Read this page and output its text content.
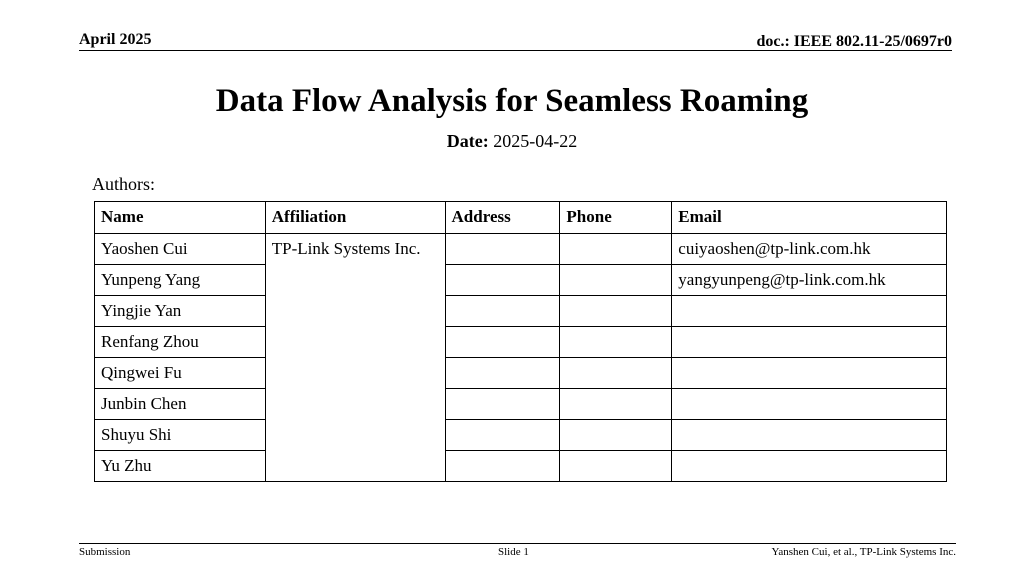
April 2025	doc.: IEEE 802.11-25/0697r0
Data Flow Analysis for Seamless Roaming
Date: 2025-04-22
Authors:
Name	Affiliation	Address	Phone	Email
Yaoshen Cui	TP-Link Systems Inc.			cuiyaoshen@tp-link.com.hk
Yunpeng Yang				yangyunpeng@tp-link.com.hk
Yingjie Yan				
Renfang Zhou				
Qingwei Fu				
Junbin Chen				
Shuyu Shi				
Yu Zhu				
Submission	Slide 1	Yanshen Cui, et al., TP-Link Systems Inc.
